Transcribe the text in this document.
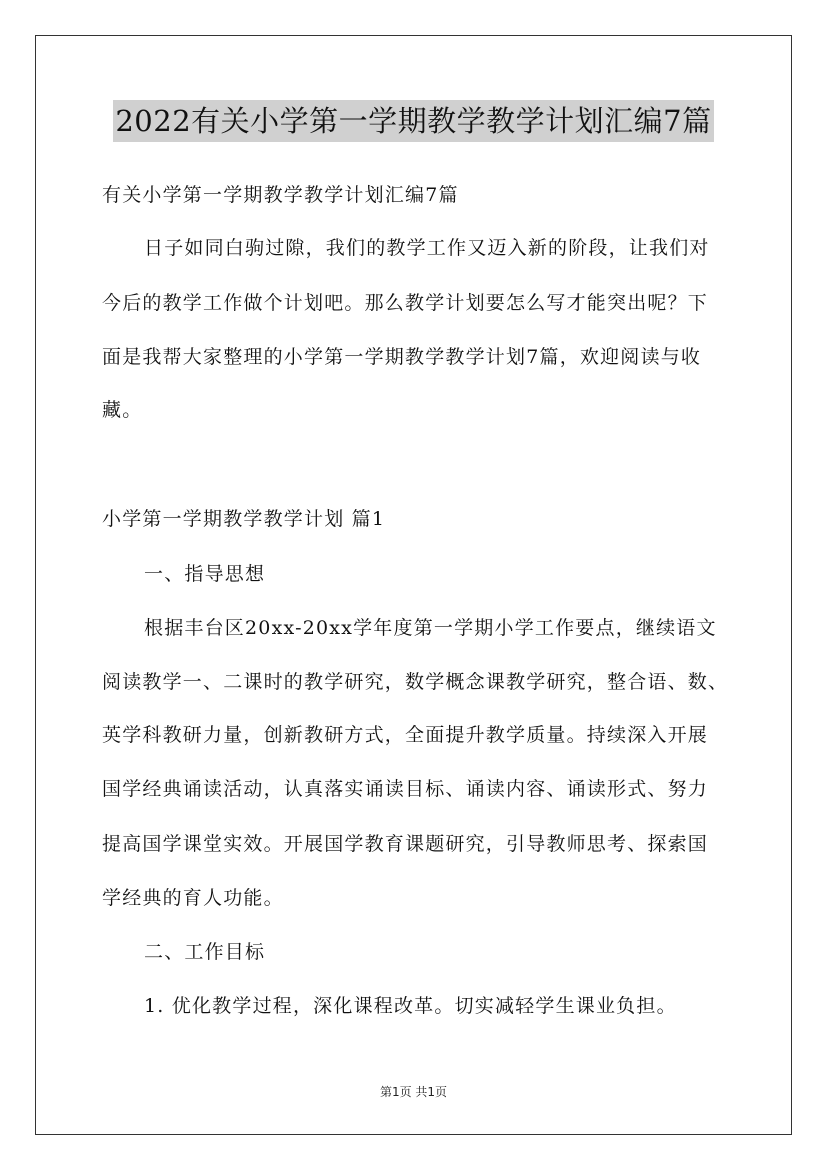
2022有关小学第一学期教学教学计划汇编7篇
有关小学第一学期教学教学计划汇编7篇
日子如同白驹过隙，我们的教学工作又迈入新的阶段，让我们对
今后的教学工作做个计划吧。那么教学计划要怎么写才能突出呢？下
面是我帮大家整理的小学第一学期教学教学计划7篇，欢迎阅读与收
藏。
小学第一学期教学教学计划 篇1
一、指导思想
根据丰台区20xx-20xx学年度第一学期小学工作要点，继续语文
阅读教学一、二课时的教学研究，数学概念课教学研究，整合语、数、
英学科教研力量，创新教研方式，全面提升教学质量。持续深入开展
国学经典诵读活动，认真落实诵读目标、诵读内容、诵读形式、努力
提高国学课堂实效。开展国学教育课题研究，引导教师思考、探索国
学经典的育人功能。
二、工作目标
1. 优化教学过程，深化课程改革。切实减轻学生课业负担。
第1页 共1页
